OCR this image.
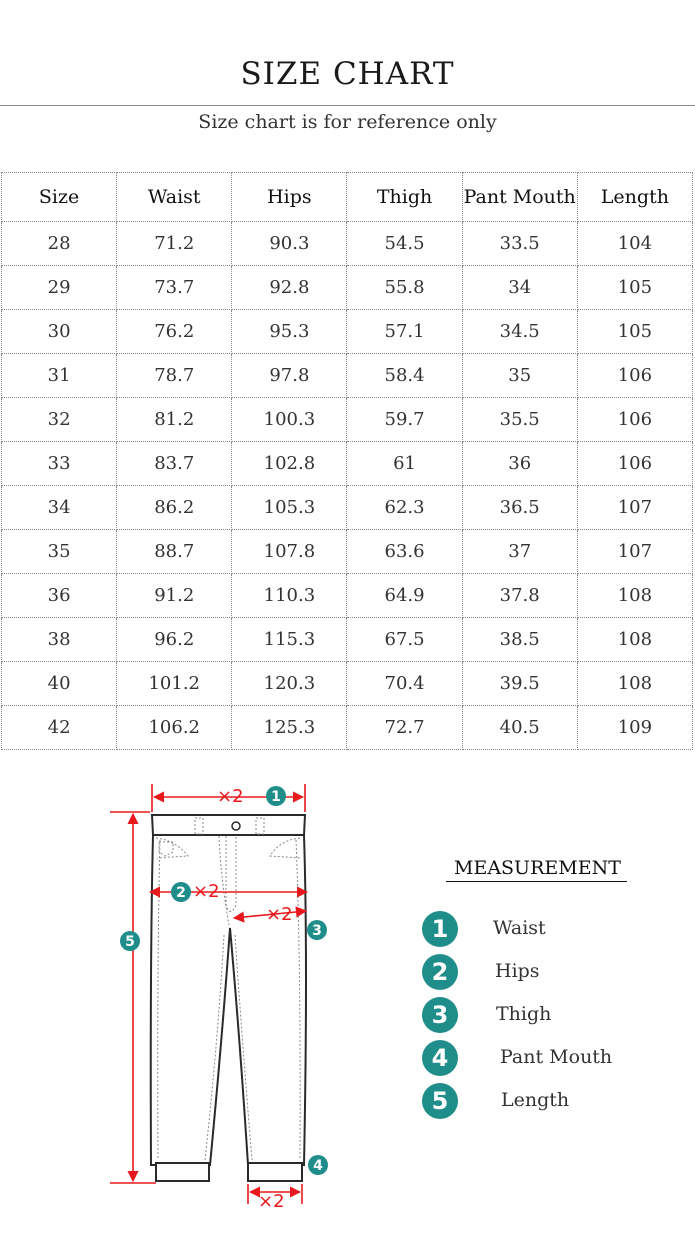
SIZE CHART
Size chart is for reference only
Size	Waist	Hips	Thigh	Pant Mouth	Length
28	71.2	90.3	54.5	33.5	104
29	73.7	92.8	55.8	34	105
30	76.2	95.3	57.1	34.5	105
31	78.7	97.8	58.4	35	106
32	81.2	100.3	59.7	35.5	106
33	83.7	102.8	61	36	106
34	86.2	105.3	62.3	36.5	107
35	88.7	107.8	63.6	37	107
36	91.2	110.3	64.9	37.8	108
38	96.2	115.3	67.5	38.5	108
40	101.2	120.3	70.4	39.5	108
42	106.2	125.3	72.7	40.5	109
×2
×2
×2
×2
1
2
3
4
5
MEASUREMENT
1	Waist
2	Hips
3	Thigh
4	Pant Mouth
5	Length
